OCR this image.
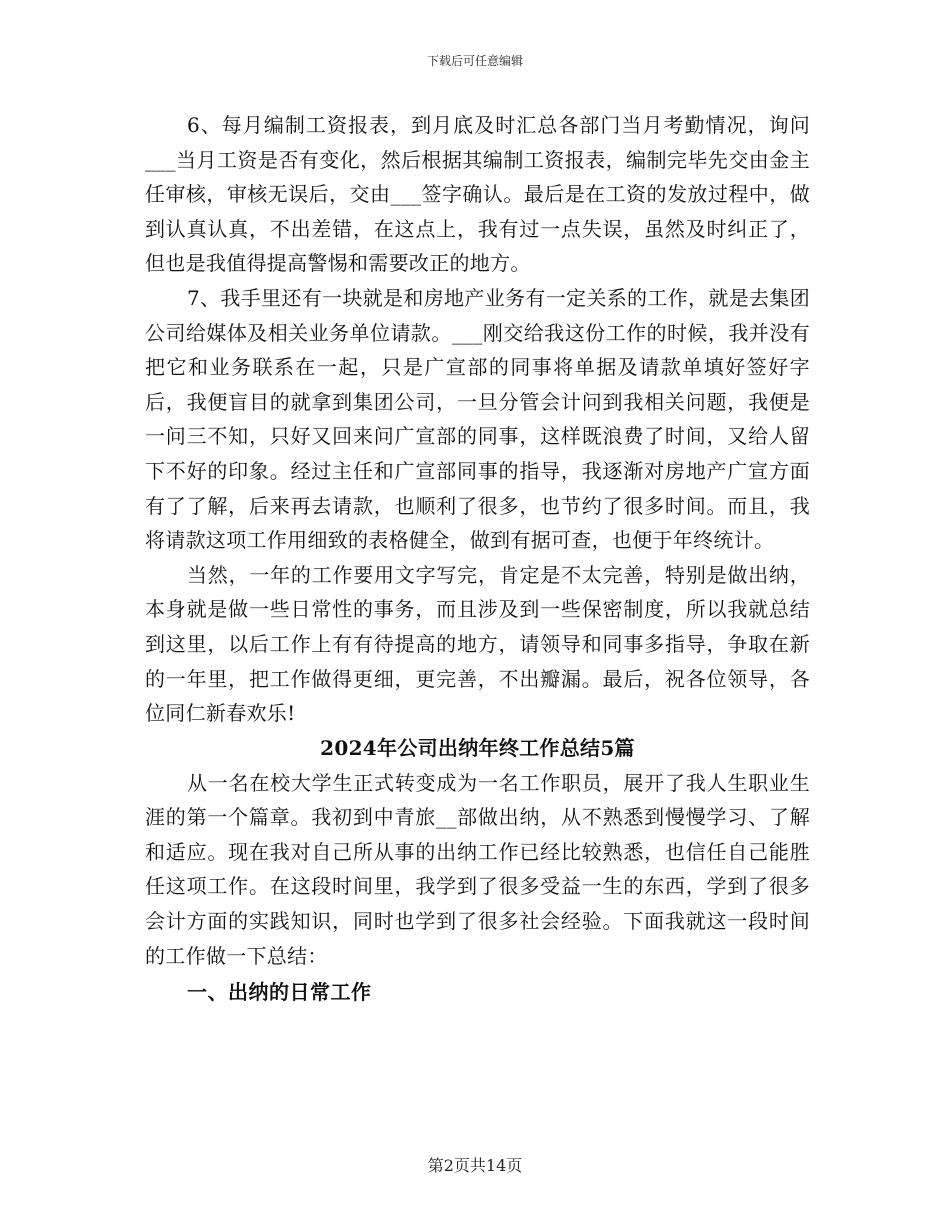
下载后可任意编辑

6、每月编制工资报表，到月底及时汇总各部门当月考勤情况，询问___当月工资是否有变化，然后根据其编制工资报表，编制完毕先交由金主任审核，审核无误后，交由___签字确认。最后是在工资的发放过程中，做到认真认真，不出差错，在这点上，我有过一点失误，虽然及时纠正了，但也是我值得提高警惕和需要改正的地方。

7、我手里还有一块就是和房地产业务有一定关系的工作，就是去集团公司给媒体及相关业务单位请款。___刚交给我这份工作的时候，我并没有把它和业务联系在一起，只是广宣部的同事将单据及请款单填好签好字后，我便盲目的就拿到集团公司，一旦分管会计问到我相关问题，我便是一问三不知，只好又回来问广宣部的同事，这样既浪费了时间，又给人留下不好的印象。经过主任和广宣部同事的指导，我逐渐对房地产广宣方面有了了解，后来再去请款，也顺利了很多，也节约了很多时间。而且，我将请款这项工作用细致的表格健全，做到有据可查，也便于年终统计。

当然，一年的工作要用文字写完，肯定是不太完善，特别是做出纳，本身就是做一些日常性的事务，而且涉及到一些保密制度，所以我就总结到这里，以后工作上有有待提高的地方，请领导和同事多指导，争取在新的一年里，把工作做得更细，更完善，不出瓣漏。最后，祝各位领导，各位同仁新春欢乐!

2024年公司出纳年终工作总结5篇

从一名在校大学生正式转变成为一名工作职员，展开了我人生职业生涯的第一个篇章。我初到中青旅__部做出纳，从不熟悉到慢慢学习、了解和适应。现在我对自己所从事的出纳工作已经比较熟悉，也信任自己能胜任这项工作。在这段时间里，我学到了很多受益一生的东西，学到了很多会计方面的实践知识，同时也学到了很多社会经验。下面我就这一段时间的工作做一下总结：

一、出纳的日常工作
第2页共14页
